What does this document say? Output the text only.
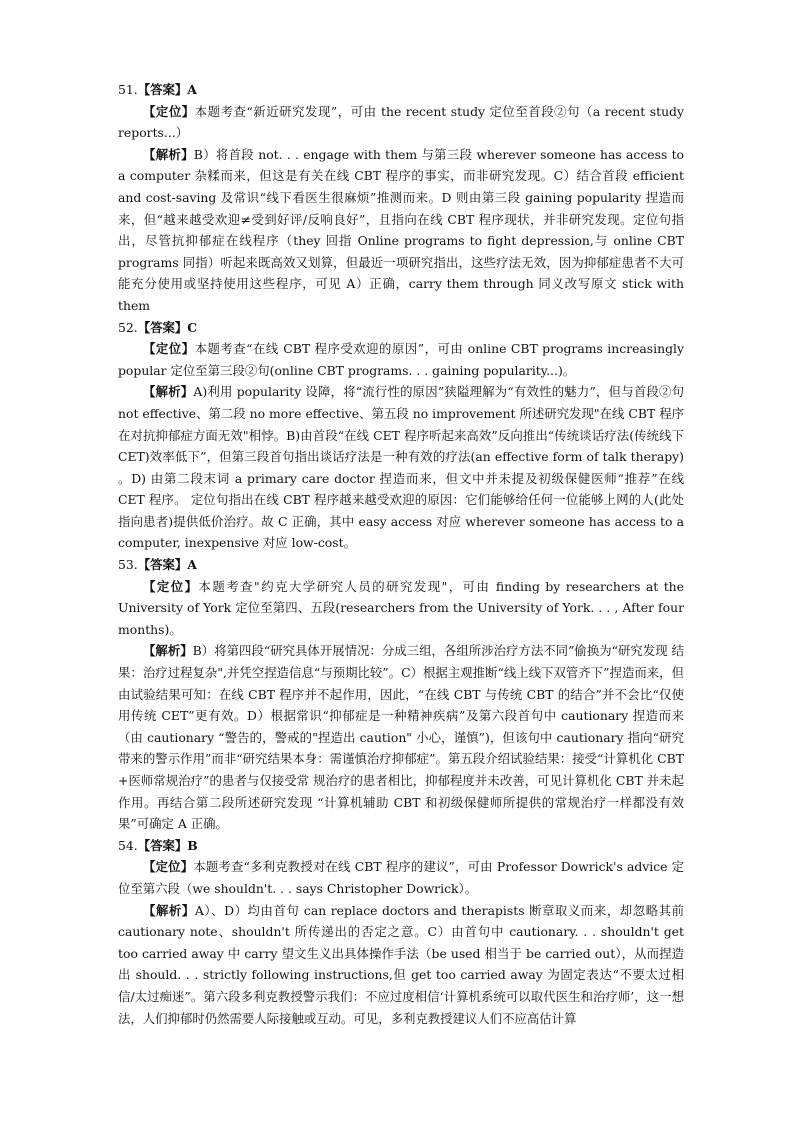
51.【答案】A

【定位】本题考查“新近研究发现”，可由 the recent study 定位至首段②句（a recent study reports...）

【解析】B）将首段 not. . . engage with them 与第三段 wherever someone has access to a computer 杂糅而来，但这是有关在线 CBT 程序的事实，而非研究发现。C）结合首段 efficient and cost-saving 及常识“线下看医生很麻烦”推测而来。D 则由第三段 gaining popularity 捏造而来，但“越来越受欢迎≠受到好评/反响良好”，且指向在线 CBT 程序现状，并非研究发现。定位句指出，尽管抗抑郁症在线程序（they 回指 Online programs to fight depression,与 online CBT programs 同指）听起来既高效又划算，但最近一项研究指出，这些疗法无效，因为抑郁症患者不大可能充分使用或坚持使用这些程序，可见 A）正确，carry them through 同义改写原文 stick with them

52.【答案】C

【定位】本题考查“在线 CBT 程序受欢迎的原因”，可由 online CBT programs increasingly popular 定位至第三段②句(online CBT programs. . . gaining popularity...)。

【解析】A)利用 popularity 设障，将“流行性的原因”狭隘理解为“有效性的魅力”，但与首段②句 not effective、第二段 no more effective、第五段 no improvement 所述研究发现"在线 CBT 程序在对抗抑郁症方面无效"相悖。B)由首段“在线 CET 程序听起来高效”反向推出“传统谈话疗法(传统线下 CET)效率低下”，但第三段首句指出谈话疗法是一种有效的疗法(an effective form of talk therapy) 。D) 由第二段末词 a primary care doctor 捏造而来，但文中并未提及初级保健医师“推荐”在线 CET 程序。 定位句指出在线 CBT 程序越来越受欢迎的原因：它们能够给任何一位能够上网的人(此处指向患者)提供低价治疗。故 C 正确，其中 easy access 对应 wherever someone has access to a computer, inexpensive 对应 low-cost。

53.【答案】A

【定位】本题考查"约克大学研究人员的研究发现"，可由 finding by researchers at the University of York 定位至第四、五段(researchers from the University of York. . . , After four months)。

【解析】B）将第四段“研究具体开展情况：分成三组，各组所涉治疗方法不同”偷换为“研究发现 结果：治疗过程复杂",并凭空捏造信息“与预期比较”。C）根据主观推断“线上线下双管齐下”捏造而来，但由试验结果可知：在线 CBT 程序并不起作用，因此，“在线 CBT 与传统 CBT 的结合”并不会比“仅使用传统 CET”更有效。D）根据常识“抑郁症是一种精神疾病”及第六段首句中 cautionary 捏造而来（由 cautionary “警告的，警戒的"捏造出 caution" 小心，谨慎”)，但该句中 cautionary 指向“研究带来的警示作用”而非“研究结果本身：需谨慎治疗抑郁症”。第五段介绍试验结果：接受“计算机化 CBT +医师常规治疗”的患者与仅接受常 规治疗的患者相比，抑郁程度并未改善，可见计算机化 CBT 并未起作用。再结合第二段所述研究发现 “计算机辅助 CBT 和初级保健师所提供的常规治疗一样都没有效果”可确定 A 正确。

54.【答案】B

【定位】本题考查“多利克教授对在线 CBT 程序的建议”，可由 Professor Dowrick's advice 定位至第六段（we shouldn't. . . says Christopher Dowrick）。

【解析】A）、D）均由首句 can replace doctors and therapists 断章取义而来，却忽略其前 cautionary note、shouldn't 所传递出的否定之意。C）由首句中 cautionary. . . shouldn't get too carried away 中 carry 望文生义出具体操作手法（be used 相当于 be carried out），从而捏造出 should. . . strictly following instructions,但 get too carried away 为固定表达“不要太过相信/太过痴迷”。第六段多利克教授警示我们：不应过度相信‘计算机系统可以取代医生和治疗师’，这一想法，人们抑郁时仍然需要人际接触或互动。可见，多利克教授建议人们不应高估计算
